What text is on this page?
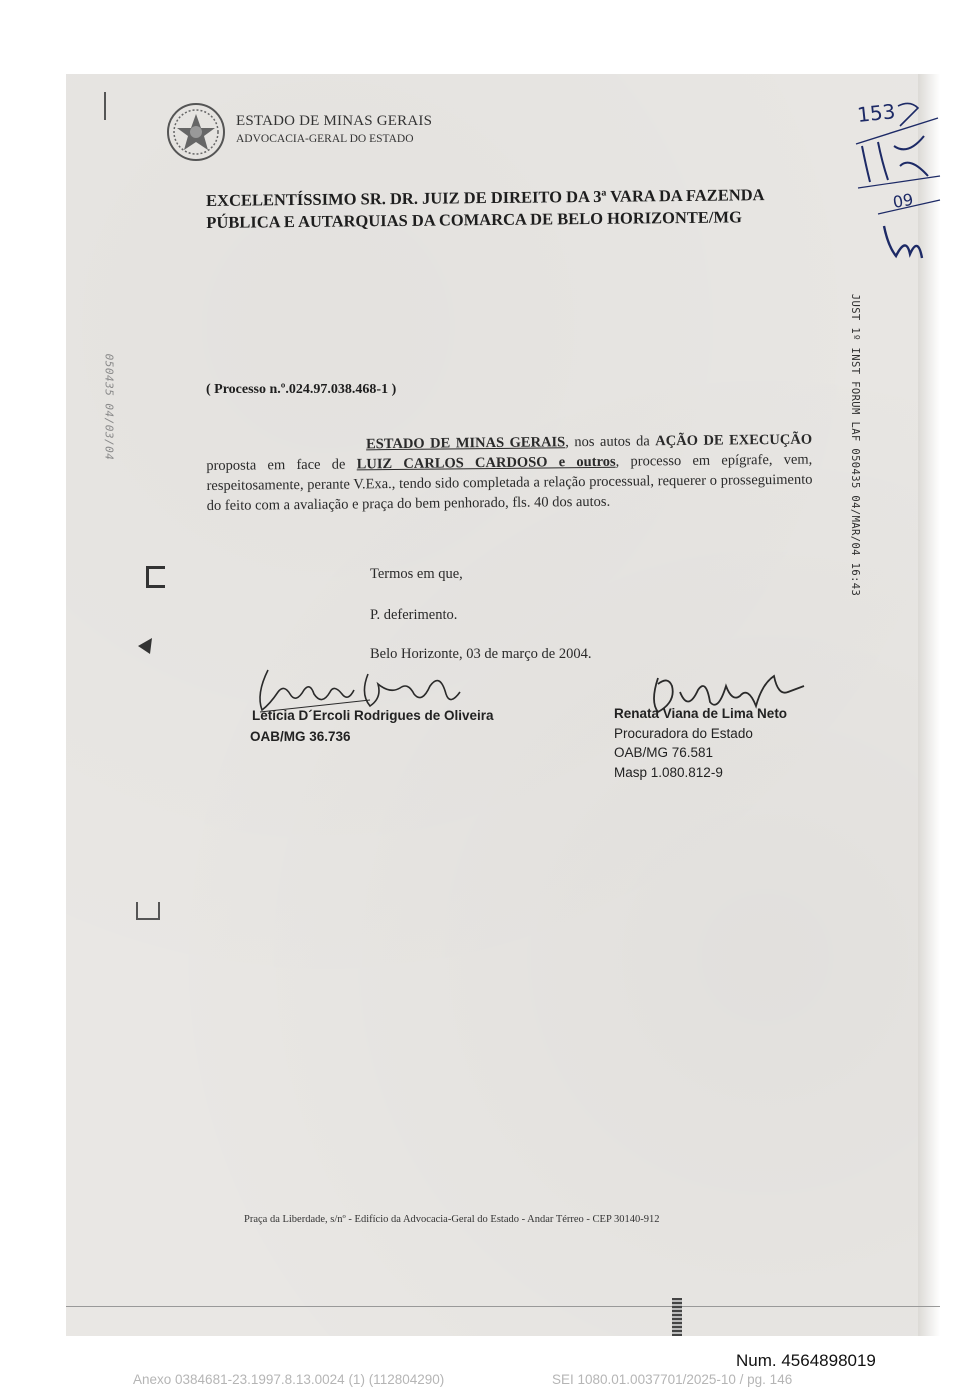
ESTADO DE MINAS GERAIS
ADVOCACIA-GERAL DO ESTADO
153
09
EXCELENTÍSSIMO SR. DR. JUIZ DE DIREITO DA 3ª VARA DA FAZENDA
PÚBLICA E AUTARQUIAS DA COMARCA DE BELO HORIZONTE/MG
( Processo n.º.024.97.038.468-1 )
ESTADO DE MINAS GERAIS, nos autos da AÇÃO DE EXECUÇÃO proposta em face de LUIZ CARLOS CARDOSO e outros, processo em epígrafe, vem, respeitosamente, perante V.Exa., tendo sido completada a relação processual, requerer o prosseguimento do feito com a avaliação e praça do bem penhorado, fls. 40 dos autos.
Termos em que,
P. deferimento.
Belo Horizonte, 03 de março de 2004.
Letícia D´Ercoli Rodrigues de Oliveira
OAB/MG 36.736
Renata Viana de Lima Neto
Procuradora do Estado
OAB/MG 76.581
Masp 1.080.812-9
Praça da Liberdade, s/nº - Edifício da Advocacia-Geral do Estado - Andar Térreo - CEP 30140-912
JUST 1º INST FORUM LAF 050435 04/MAR/04 16:43
050435 04/03/04
Num. 4564898019
Anexo 0384681-23.1997.8.13.0024 (1) (112804290)	SEI 1080.01.0037701/2025-10 / pg. 146
